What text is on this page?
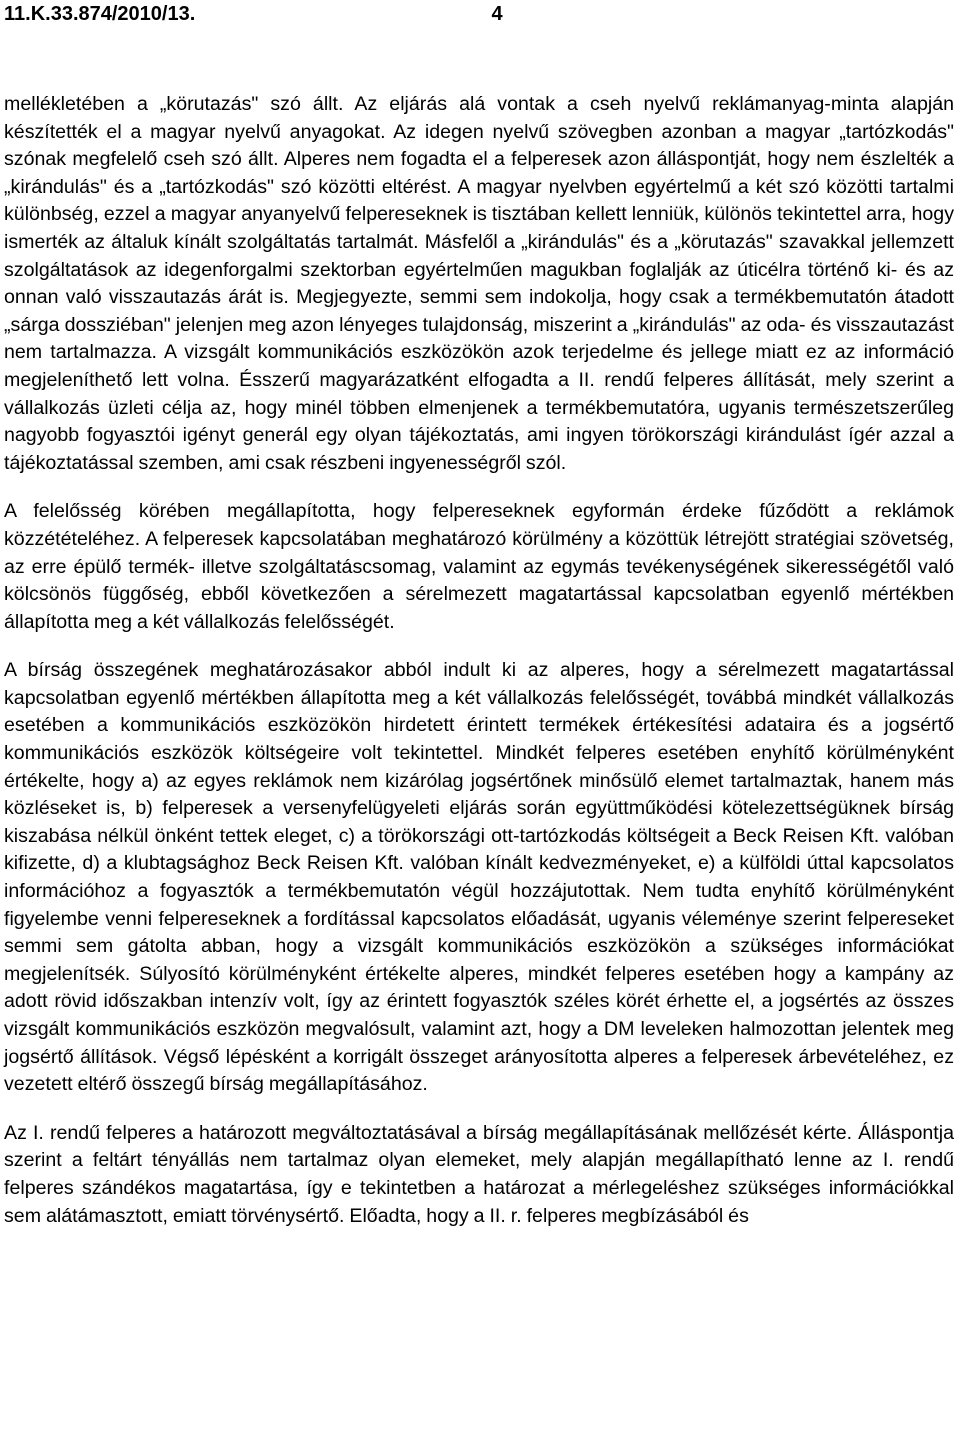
11.K.33.874/2010/13.	4

mellékletében a „körutazás" szó állt. Az eljárás alá vontak a cseh nyelvű reklámanyag-minta alapján készítették el a magyar nyelvű anyagokat. Az idegen nyelvű szövegben azonban a magyar „tartózkodás" szónak megfelelő cseh szó állt. Alperes nem fogadta el a felperesek azon álláspontját, hogy nem észlelték a „kirándulás" és a „tartózkodás" szó közötti eltérést. A magyar nyelvben egyértelmű a két szó közötti tartalmi különbség, ezzel a magyar anyanyelvű felpereseknek is tisztában kellett lenniük, különös tekintettel arra, hogy ismerték az általuk kínált szolgáltatás tartalmát. Másfelől a „kirándulás" és a „körutazás" szavakkal jellemzett szolgáltatások az idegenforgalmi szektorban egyértelműen magukban foglalják az úticélra történő ki- és az onnan való visszautazás árát is. Megjegyezte, semmi sem indokolja, hogy csak a termékbemutatón átadott „sárga dossziéban" jelenjen meg azon lényeges tulajdonság, miszerint a „kirándulás" az oda- és visszautazást nem tartalmazza. A vizsgált kommunikációs eszközökön azok terjedelme és jellege miatt ez az információ megjeleníthető lett volna. Ésszerű magyarázatként elfogadta a II. rendű felperes állítását, mely szerint a vállalkozás üzleti célja az, hogy minél többen elmenjenek a termékbemutatóra, ugyanis természetszerűleg nagyobb fogyasztói igényt generál egy olyan tájékoztatás, ami ingyen törökországi kirándulást ígér azzal a tájékoztatással szemben, ami csak részbeni ingyenességről szól.

A felelősség körében megállapította, hogy felpereseknek egyformán érdeke fűződött a reklámok közzétételéhez. A felperesek kapcsolatában meghatározó körülmény a közöttük létrejött stratégiai szövetség, az erre épülő termék- illetve szolgáltatáscsomag, valamint az egymás tevékenységének sikerességétől való kölcsönös függőség, ebből következően a sérelmezett magatartással kapcsolatban egyenlő mértékben állapította meg a két vállalkozás felelősségét.

A bírság összegének meghatározásakor abból indult ki az alperes, hogy a sérelmezett magatartással kapcsolatban egyenlő mértékben állapította meg a két vállalkozás felelősségét, továbbá mindkét vállalkozás esetében a kommunikációs eszközökön hirdetett érintett termékek értékesítési adataira és a jogsértő kommunikációs eszközök költségeire volt tekintettel. Mindkét felperes esetében enyhítő körülményként értékelte, hogy a) az egyes reklámok nem kizárólag jogsértőnek minősülő elemet tartalmaztak, hanem más közléseket is, b) felperesek a versenyfelügyeleti eljárás során együttműködési kötelezettségüknek bírság kiszabása nélkül önként tettek eleget, c) a törökországi ott-tartózkodás költségeit a Beck Reisen Kft. valóban kifizette, d) a klubtagsághoz Beck Reisen Kft. valóban kínált kedvezményeket, e) a külföldi úttal kapcsolatos információhoz a fogyasztók a termékbemutatón végül hozzájutottak. Nem tudta enyhítő körülményként figyelembe venni felpereseknek a fordítással kapcsolatos előadását, ugyanis véleménye szerint felpereseket semmi sem gátolta abban, hogy a vizsgált kommunikációs eszközökön a szükséges információkat megjelenítsék. Súlyosító körülményként értékelte alperes, mindkét felperes esetében hogy a kampány az adott rövid időszakban intenzív volt, így az érintett fogyasztók széles körét érhette el, a jogsértés az összes vizsgált kommunikációs eszközön megvalósult, valamint azt, hogy a DM leveleken halmozottan jelentek meg jogsértő állítások. Végső lépésként a korrigált összeget arányosította alperes a felperesek árbevételéhez, ez vezetett eltérő összegű bírság megállapításához.

Az I. rendű felperes a határozott megváltoztatásával a bírság megállapításának mellőzését kérte. Álláspontja szerint a feltárt tényállás nem tartalmaz olyan elemeket, mely alapján megállapítható lenne az I. rendű felperes szándékos magatartása, így e tekintetben a határozat a mérlegeléshez szükséges információkkal sem alátámasztott, emiatt törvénysértő. Előadta, hogy a II. r. felperes megbízásából és
